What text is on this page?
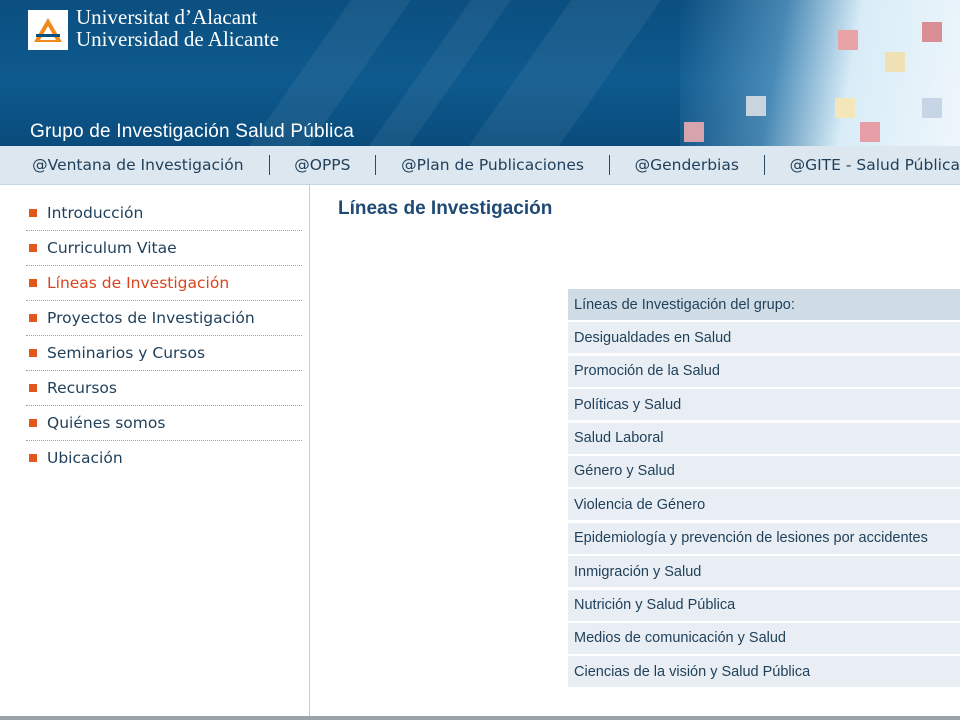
Universitat d’Alacant
Universidad de Alicante
Grupo de Investigación Salud Pública
@Ventana de Investigación	@OPPS	@Plan de Publicaciones	@Genderbias	@GITE - Salud Pública
Introducción
Curriculum Vitae
Líneas de Investigación
Proyectos de Investigación
Seminarios y Cursos
Recursos
Quiénes somos
Ubicación
Líneas de Investigación
Líneas de Investigación del grupo:
Desigualdades en Salud
Promoción de la Salud
Políticas y Salud
Salud Laboral
Género y Salud
Violencia de Género
Epidemiología y prevención de lesiones por accidentes
Inmigración y Salud
Nutrición y Salud Pública
Medios de comunicación y Salud
Ciencias de la visión y Salud Pública
